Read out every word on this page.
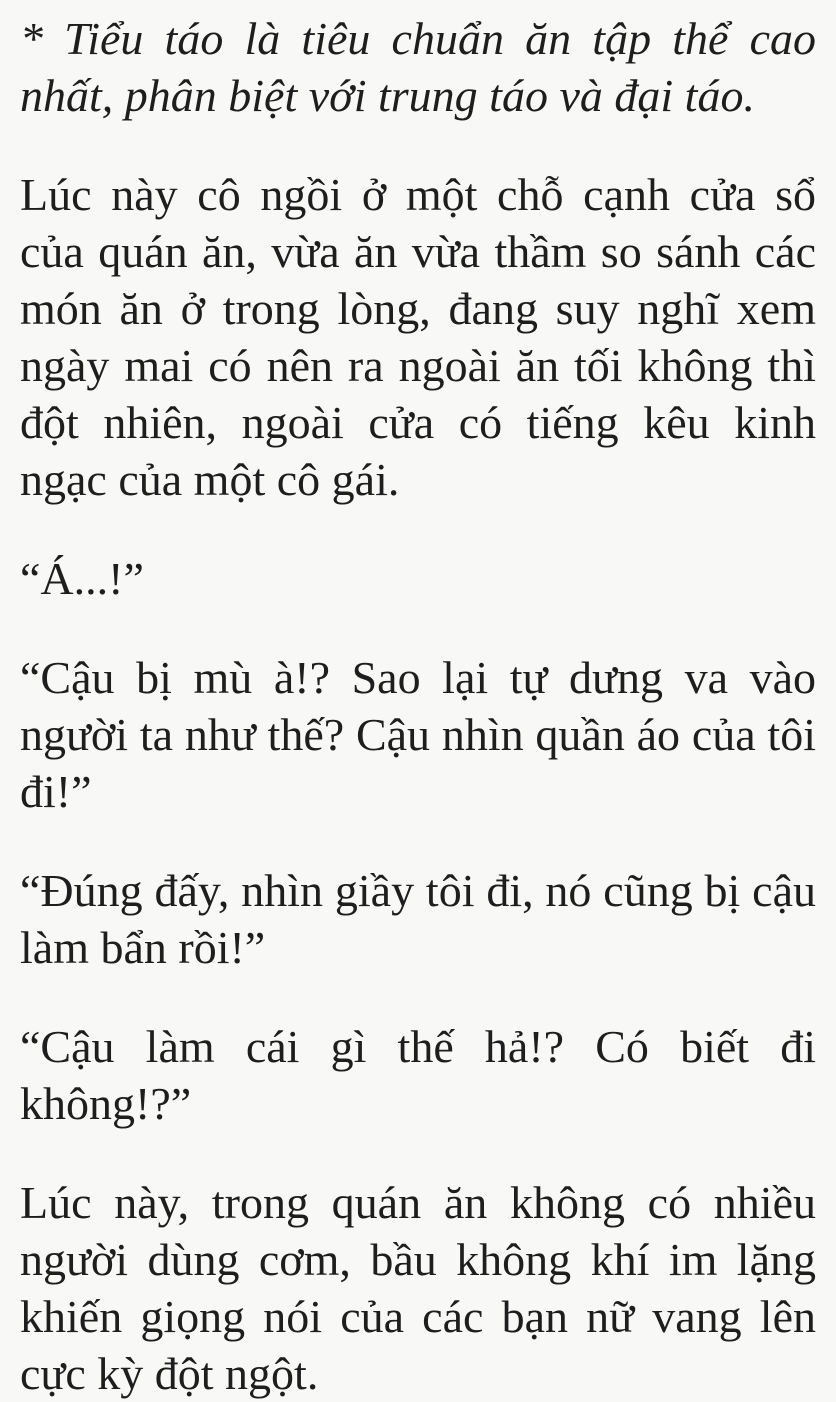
* Tiểu táo là tiêu chuẩn ăn tập thể cao nhất, phân biệt với trung táo và đại táo.

Lúc này cô ngồi ở một chỗ cạnh cửa sổ của quán ăn, vừa ăn vừa thầm so sánh các món ăn ở trong lòng, đang suy nghĩ xem ngày mai có nên ra ngoài ăn tối không thì đột nhiên, ngoài cửa có tiếng kêu kinh ngạc của một cô gái.

“Á...!”

“Cậu bị mù à!? Sao lại tự dưng va vào người ta như thế? Cậu nhìn quần áo của tôi đi!”

“Đúng đấy, nhìn giầy tôi đi, nó cũng bị cậu làm bẩn rồi!”

“Cậu làm cái gì thế hả!? Có biết đi không!?”

Lúc này, trong quán ăn không có nhiều người dùng cơm, bầu không khí im lặng khiến giọng nói của các bạn nữ vang lên cực kỳ đột ngột.
